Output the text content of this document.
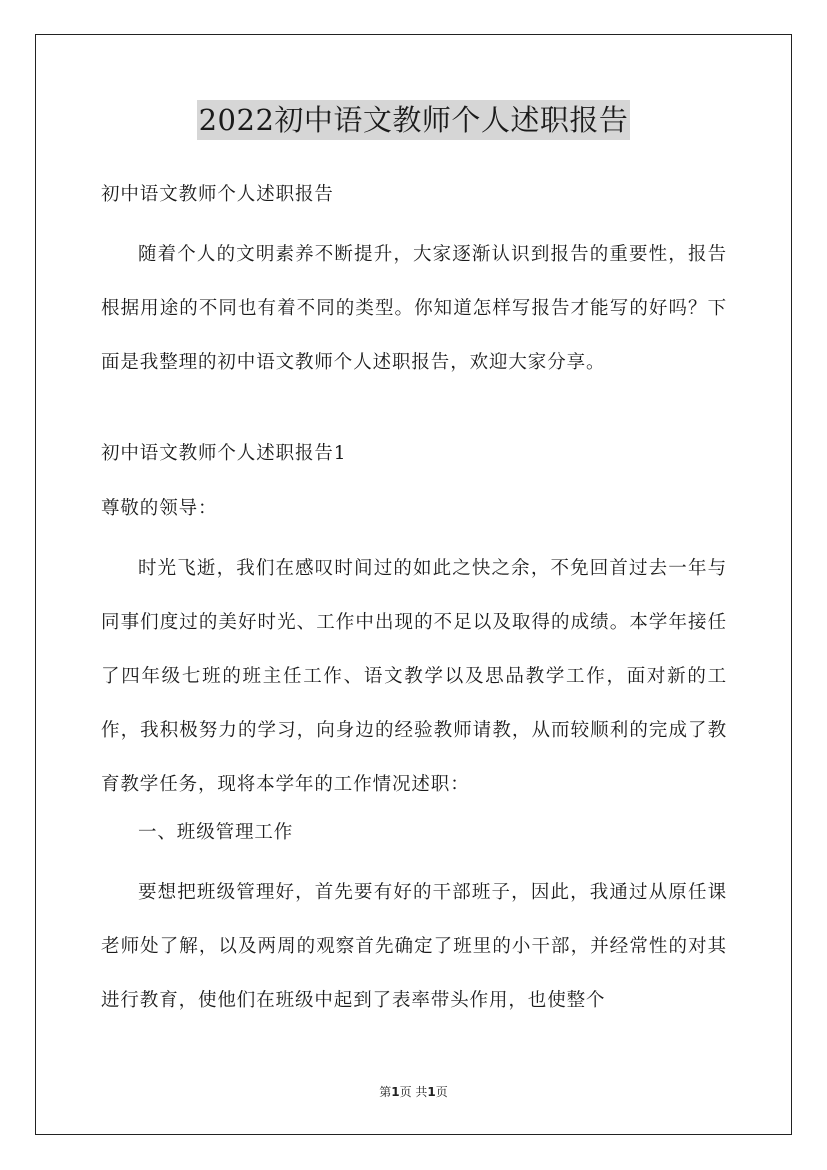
2022初中语文教师个人述职报告

初中语文教师个人述职报告

随着个人的文明素养不断提升，大家逐渐认识到报告的重要性，报告根据用途的不同也有着不同的类型。你知道怎样写报告才能写的好吗？下面是我整理的初中语文教师个人述职报告，欢迎大家分享。

初中语文教师个人述职报告1

尊敬的领导：

时光飞逝，我们在感叹时间过的如此之快之余，不免回首过去一年与同事们度过的美好时光、工作中出现的不足以及取得的成绩。本学年接任了四年级七班的班主任工作、语文教学以及思品教学工作，面对新的工作，我积极努力的学习，向身边的经验教师请教，从而较顺利的完成了教育教学任务，现将本学年的工作情况述职：

一、班级管理工作

要想把班级管理好，首先要有好的干部班子，因此，我通过从原任课老师处了解，以及两周的观察首先确定了班里的小干部，并经常性的对其进行教育，使他们在班级中起到了表率带头作用，也使整个

第1页 共1页
